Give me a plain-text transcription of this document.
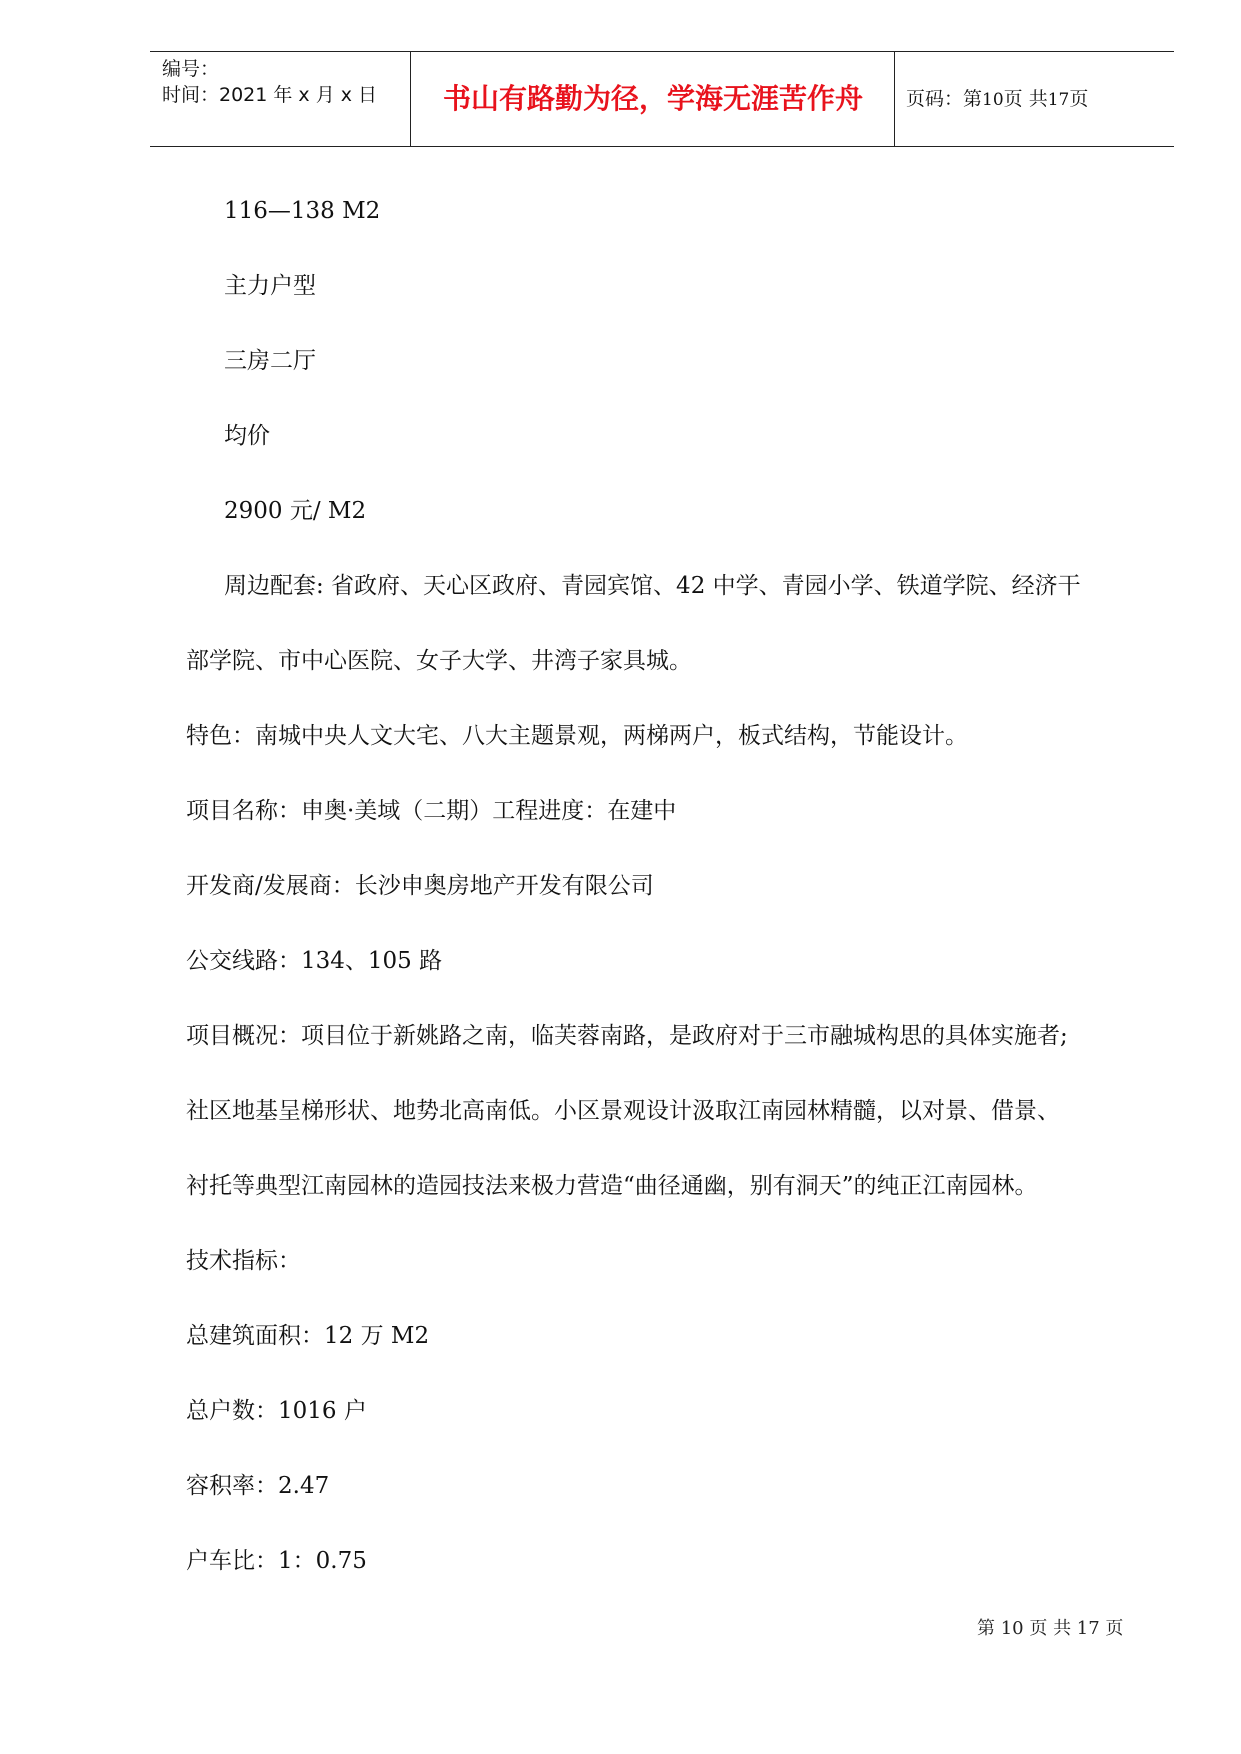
编号：
时间：2021 年 x 月 x 日	书山有路勤为径，学海无涯苦作舟	页码：第10页 共17页
116—138 M2
主力户型
三房二厅
均价
2900 元/ M2
周边配套: 省政府、天心区政府、青园宾馆、42 中学、青园小学、铁道学院、经济干
部学院、市中心医院、女子大学、井湾子家具城。
特色：南城中央人文大宅、八大主题景观，两梯两户，板式结构，节能设计。
项目名称：申奥·美域（二期）工程进度：在建中
开发商/发展商：长沙申奥房地产开发有限公司
公交线路：134、105 路
项目概况：项目位于新姚路之南，临芙蓉南路，是政府对于三市融城构思的具体实施者;
社区地基呈梯形状、地势北高南低。小区景观设计汲取江南园林精髓，以对景、借景、
衬托等典型江南园林的造园技法来极力营造“曲径通幽，别有洞天”的纯正江南园林。
技术指标：
总建筑面积：12 万 M2
总户数：1016 户
容积率：2.47
户车比：1：0.75
第 10 页 共 17 页
